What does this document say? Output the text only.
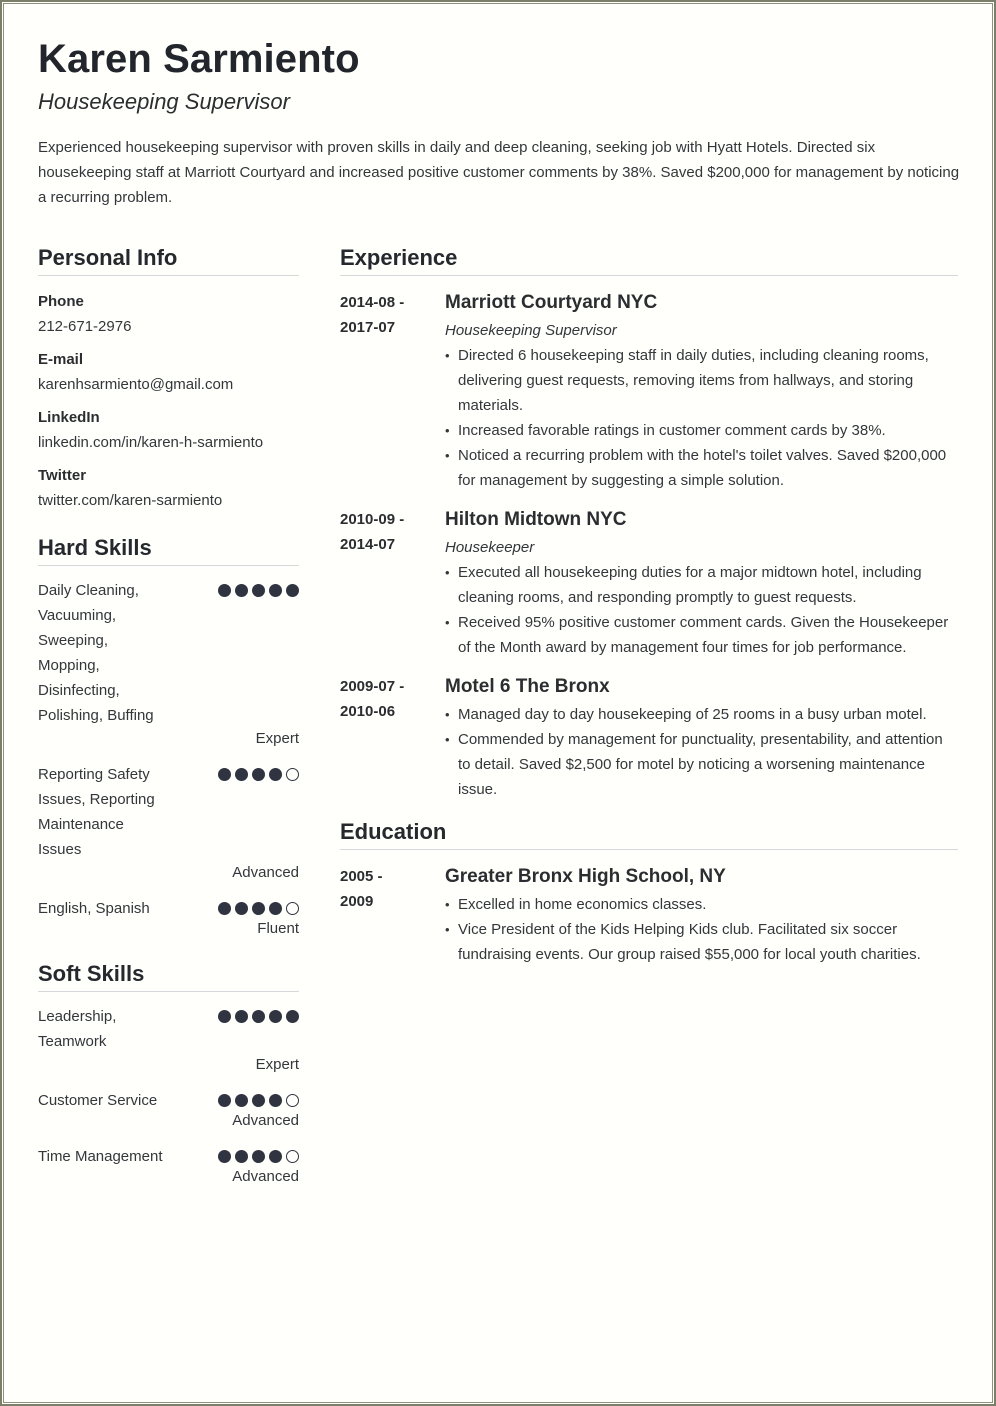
Karen Sarmiento
Housekeeping Supervisor

Experienced housekeeping supervisor with proven skills in daily and deep cleaning, seeking job with Hyatt Hotels. Directed six housekeeping staff at Marriott Courtyard and increased positive customer comments by 38%. Saved $200,000 for management by noticing a recurring problem.

Personal Info
Phone
212-671-2976
E-mail
karenhsarmiento@gmail.com
LinkedIn
linkedin.com/in/karen-h-sarmiento
Twitter
twitter.com/karen-sarmiento
Hard Skills
Daily Cleaning,
Vacuuming,
Sweeping,
Mopping,
Disinfecting,
Polishing, Buffing
Expert
Reporting Safety
Issues, Reporting
Maintenance
Issues
Advanced
English, Spanish
Fluent
Soft Skills
Leadership,
Teamwork
Expert
Customer Service
Advanced
Time Management
Advanced
Experience
2014-08 -
2017-07
Marriott Courtyard NYC
Housekeeping Supervisor
• Directed 6 housekeeping staff in daily duties, including cleaning rooms, delivering guest requests, removing items from hallways, and storing materials.
• Increased favorable ratings in customer comment cards by 38%.
• Noticed a recurring problem with the hotel's toilet valves. Saved $200,000 for management by suggesting a simple solution.
2010-09 -
2014-07
Hilton Midtown NYC
Housekeeper
• Executed all housekeeping duties for a major midtown hotel, including cleaning rooms, and responding promptly to guest requests.
• Received 95% positive customer comment cards. Given the Housekeeper of the Month award by management four times for job performance.
2009-07 -
2010-06
Motel 6 The Bronx
• Managed day to day housekeeping of 25 rooms in a busy urban motel.
• Commended by management for punctuality, presentability, and attention to detail. Saved $2,500 for motel by noticing a worsening maintenance issue.
Education
2005 -
2009
Greater Bronx High School, NY
• Excelled in home economics classes.
• Vice President of the Kids Helping Kids club. Facilitated six soccer fundraising events. Our group raised $55,000 for local youth charities.
